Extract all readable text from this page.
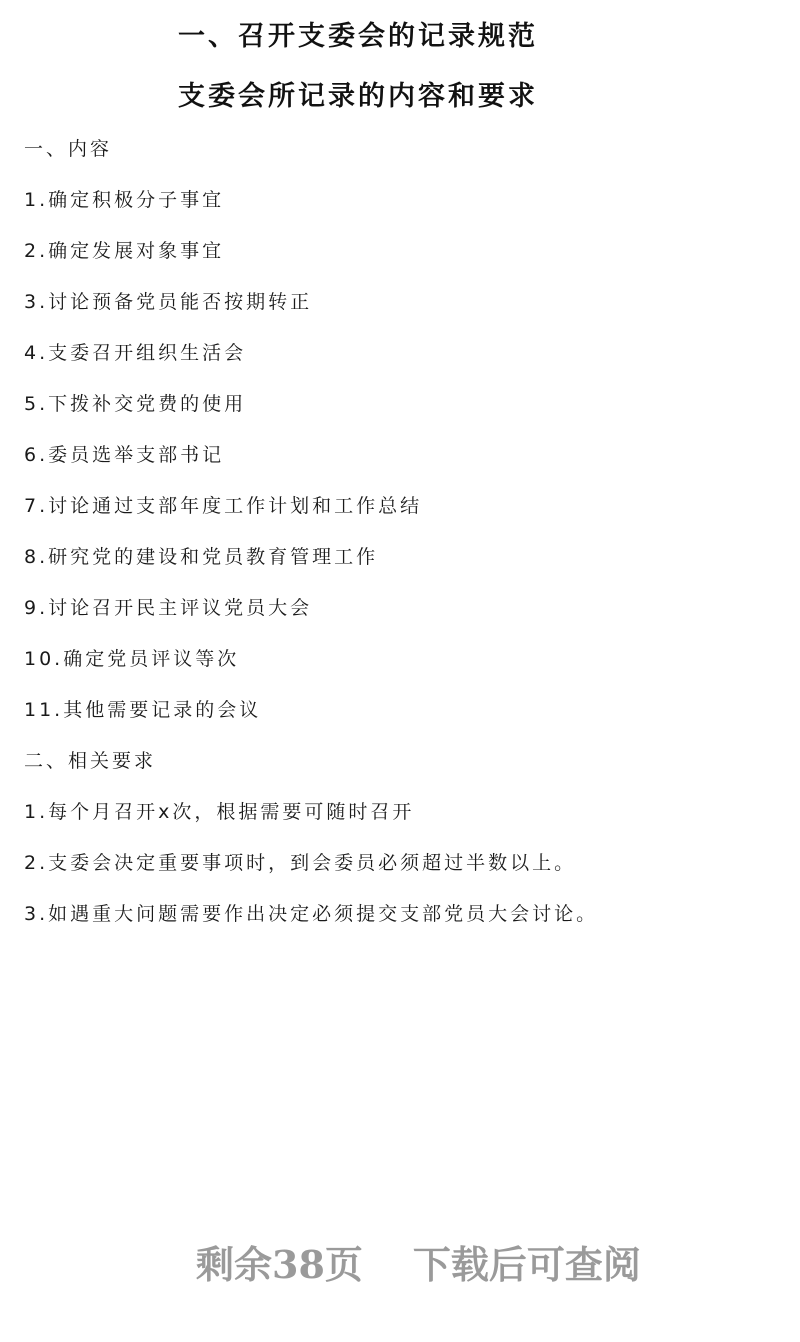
一、召开支委会的记录规范
支委会所记录的内容和要求
一、内容
1.确定积极分子事宜
2.确定发展对象事宜
3.讨论预备党员能否按期转正
4.支委召开组织生活会
5.下拨补交党费的使用
6.委员选举支部书记
7.讨论通过支部年度工作计划和工作总结
8.研究党的建设和党员教育管理工作
9.讨论召开民主评议党员大会
10.确定党员评议等次
11.其他需要记录的会议
二、相关要求
1.每个月召开x次，根据需要可随时召开
2.支委会决定重要事项时，到会委员必须超过半数以上。
3.如遇重大问题需要作出决定必须提交支部党员大会讨论。
剩余38页 下载后可查阅
